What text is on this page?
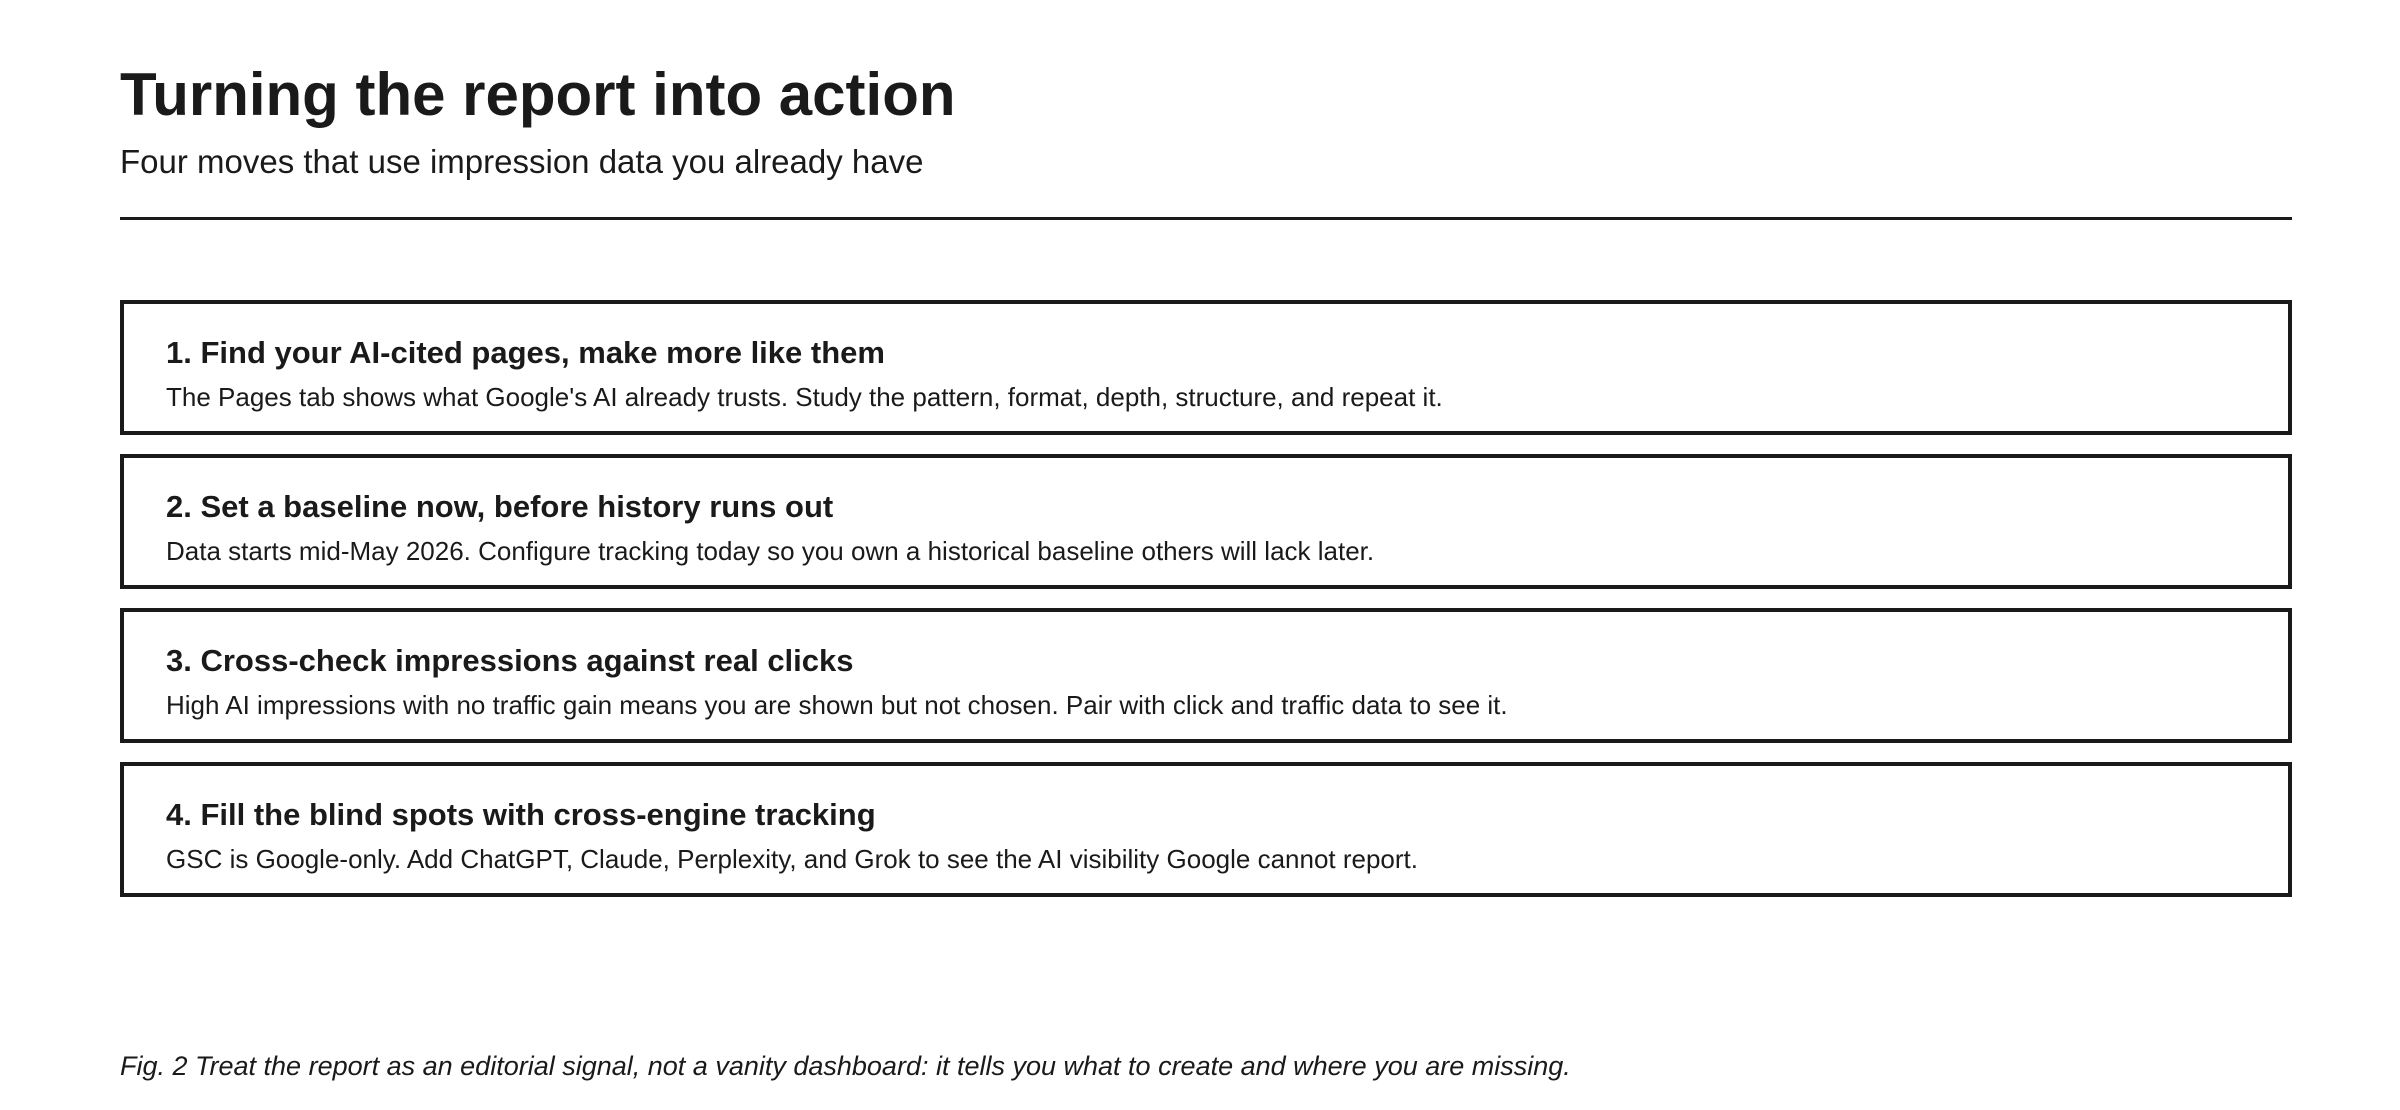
Turning the report into action

Four moves that use impression data you already have

1. Find your AI-cited pages, make more like them
The Pages tab shows what Google's AI already trusts. Study the pattern, format, depth, structure, and repeat it.
2. Set a baseline now, before history runs out
Data starts mid-May 2026. Configure tracking today so you own a historical baseline others will lack later.
3. Cross-check impressions against real clicks
High AI impressions with no traffic gain means you are shown but not chosen. Pair with click and traffic data to see it.
4. Fill the blind spots with cross-engine tracking
GSC is Google-only. Add ChatGPT, Claude, Perplexity, and Grok to see the AI visibility Google cannot report.

Fig. 2 Treat the report as an editorial signal, not a vanity dashboard: it tells you what to create and where you are missing.
